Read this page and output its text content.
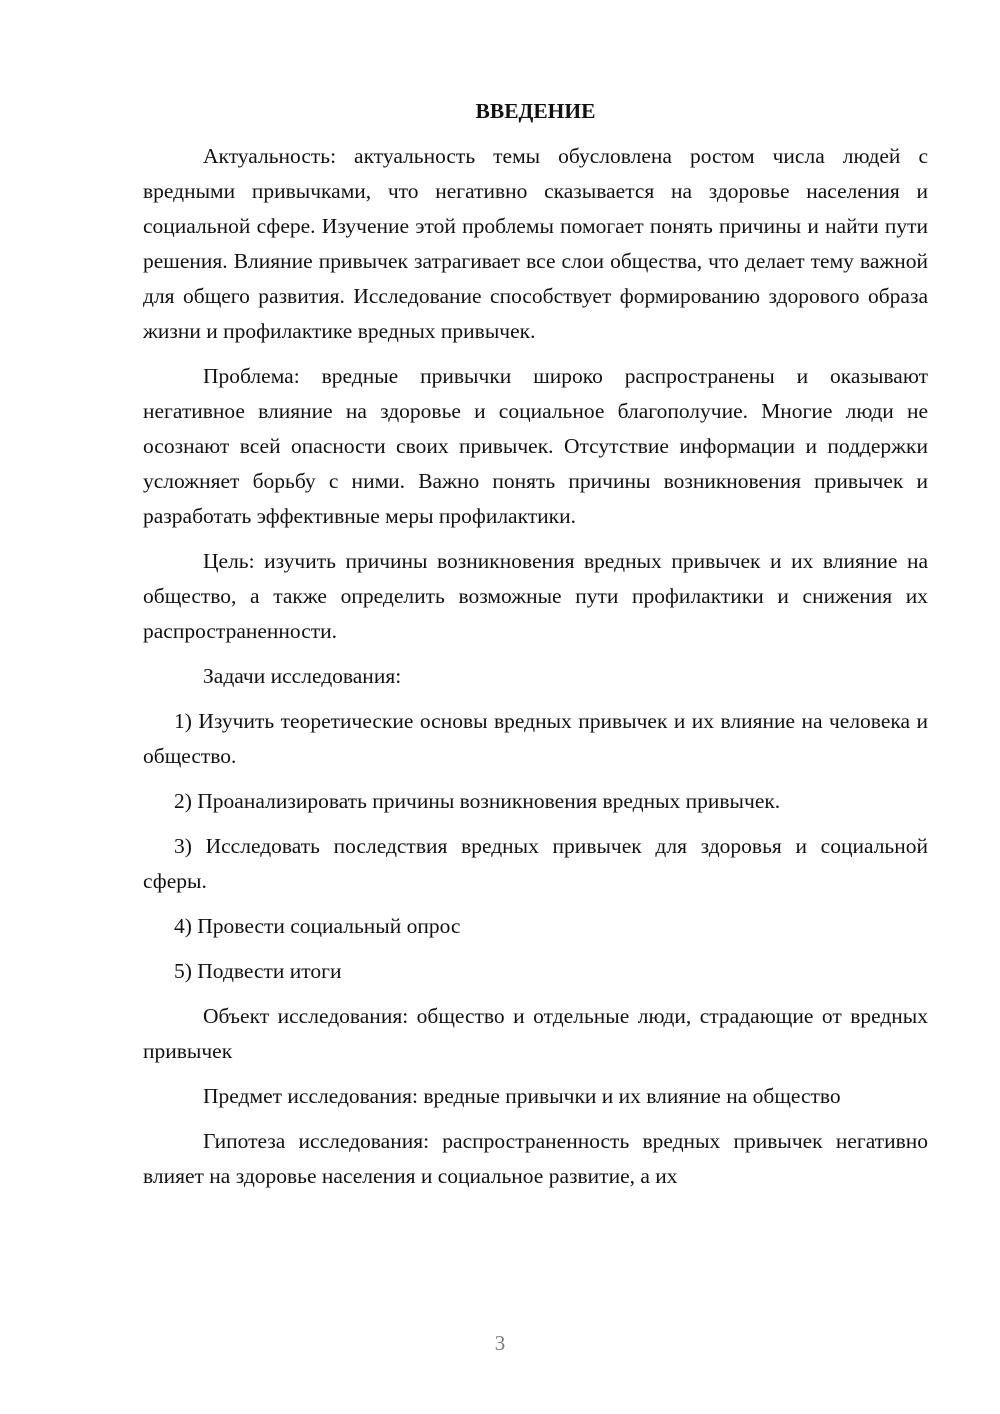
ВВЕДЕНИЕ

Актуальность: актуальность темы обусловлена ростом числа людей с вредными привычками, что негативно сказывается на здоровье населения и социальной сфере. Изучение этой проблемы помогает понять причины и найти пути решения. Влияние привычек затрагивает все слои общества, что делает тему важной для общего развития. Исследование способствует формированию здорового образа жизни и профилактике вредных привычек.

Проблема: вредные привычки широко распространены и оказывают негативное влияние на здоровье и социальное благополучие. Многие люди не осознают всей опасности своих привычек. Отсутствие информации и поддержки усложняет борьбу с ними. Важно понять причины возникновения привычек и разработать эффективные меры профилактики.

Цель: изучить причины возникновения вредных привычек и их влияние на общество, а также определить возможные пути профилактики и снижения их распространенности.

Задачи исследования:

1) Изучить теоретические основы вредных привычек и их влияние на человека и общество.

2) Проанализировать причины возникновения вредных привычек.

3) Исследовать последствия вредных привычек для здоровья и социальной сферы.

4) Провести социальный опрос

5) Подвести итоги

Объект исследования: общество и отдельные люди, страдающие от вредных привычек

Предмет исследования: вредные привычки и их влияние на общество

Гипотеза исследования: распространенность вредных привычек негативно влияет на здоровье населения и социальное развитие, а их

3
